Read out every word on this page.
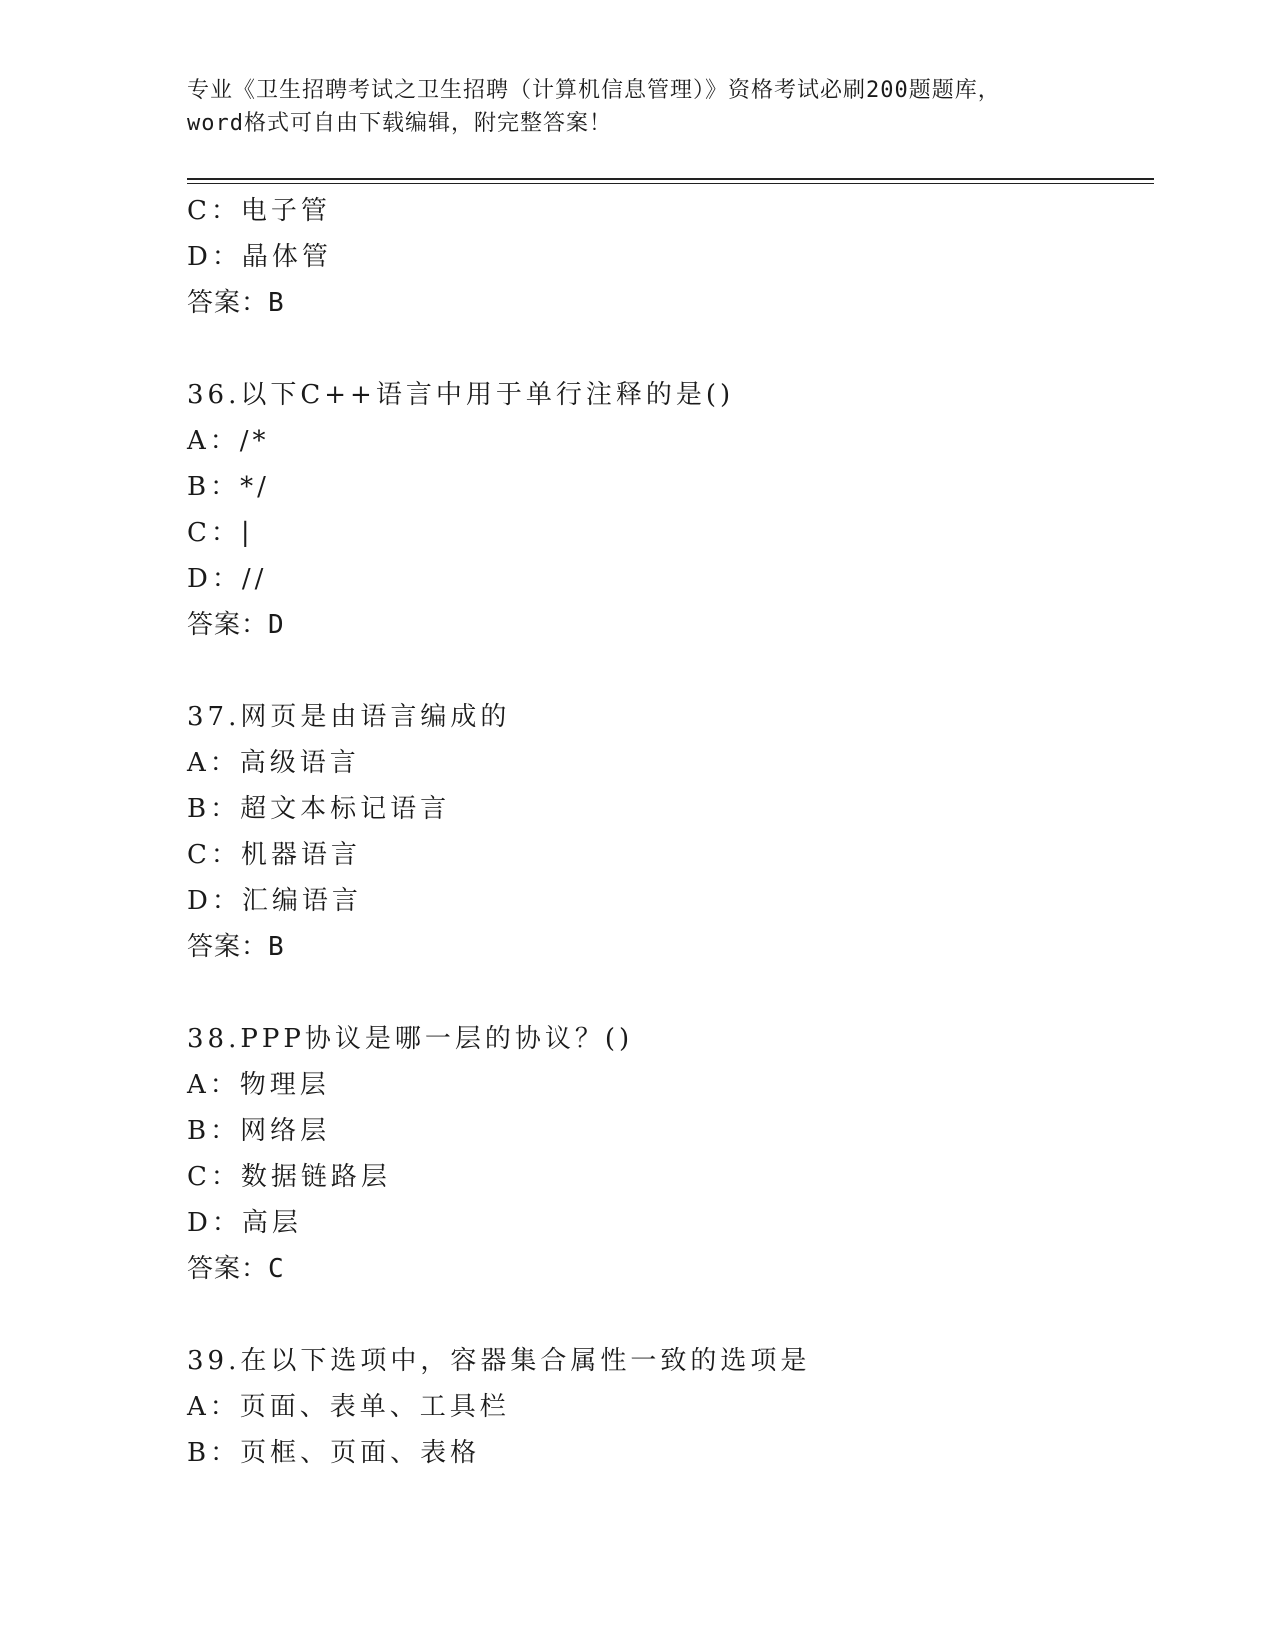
专业《卫生招聘考试之卫生招聘（计算机信息管理）》资格考试必刷200题题库，
word格式可自由下载编辑，附完整答案！
C：电子管
D：晶体管
答案：B
36.以下C++语言中用于单行注释的是()
A：/*
B：*/
C：|
D：//
答案：D
37.网页是由语言编成的
A：高级语言
B：超文本标记语言
C：机器语言
D：汇编语言
答案：B
38.PPP协议是哪一层的协议？()
A：物理层
B：网络层
C：数据链路层
D：高层
答案：C
39.在以下选项中，容器集合属性一致的选项是
A：页面、表单、工具栏
B：页框、页面、表格
